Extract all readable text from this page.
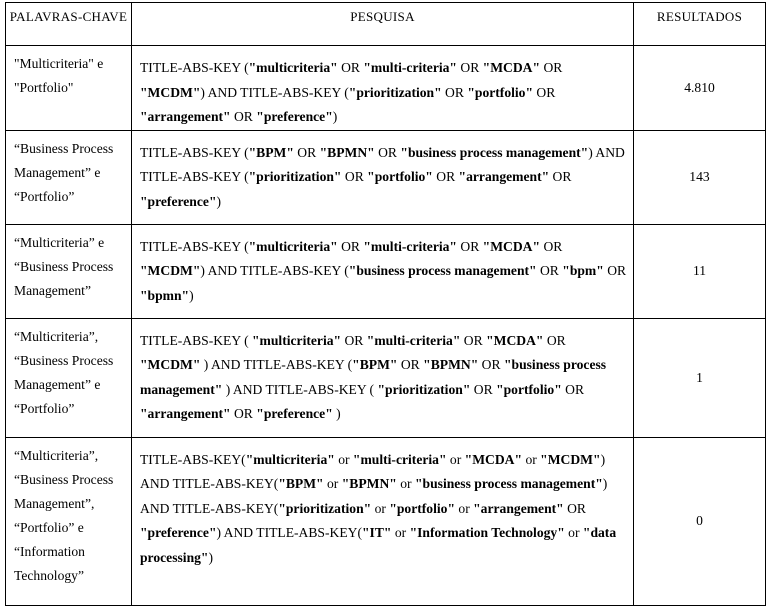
PALAVRAS-CHAVE	PESQUISA	RESULTADOS

"Multicriteria" e "Portfolio"	TITLE-ABS-KEY ("multicriteria" OR "multi-criteria" OR "MCDA" OR "MCDM") AND TITLE-ABS-KEY ("prioritization" OR "portfolio" OR "arrangement" OR "preference")	4.810
“Business Process Management” e “Portfolio”	TITLE-ABS-KEY ("BPM" OR "BPMN" OR "business process management") AND TITLE-ABS-KEY ("prioritization" OR "portfolio" OR "arrangement" OR "preference")	143
“Multicriteria” e “Business Process Management”	TITLE-ABS-KEY ("multicriteria" OR "multi-criteria" OR "MCDA" OR "MCDM") AND TITLE-ABS-KEY ("business process management" OR "bpm" OR "bpmn")	11
“Multicriteria”, “Business Process Management” e “Portfolio”	TITLE-ABS-KEY ( "multicriteria" OR "multi-criteria" OR "MCDA" OR "MCDM" ) AND TITLE-ABS-KEY ("BPM" OR "BPMN" OR "business process management" ) AND TITLE-ABS-KEY ( "prioritization" OR "portfolio" OR "arrangement" OR "preference" )	1
“Multicriteria”, “Business Process Management”, “Portfolio” e “Information Technology”	TITLE-ABS-KEY("multicriteria" or "multi-criteria" or "MCDA" or "MCDM") AND TITLE-ABS-KEY("BPM" or "BPMN" or "business process management") AND TITLE-ABS-KEY("prioritization" or "portfolio" or "arrangement" OR "preference") AND TITLE-ABS-KEY("IT" or "Information Technology" or "data processing")	0
